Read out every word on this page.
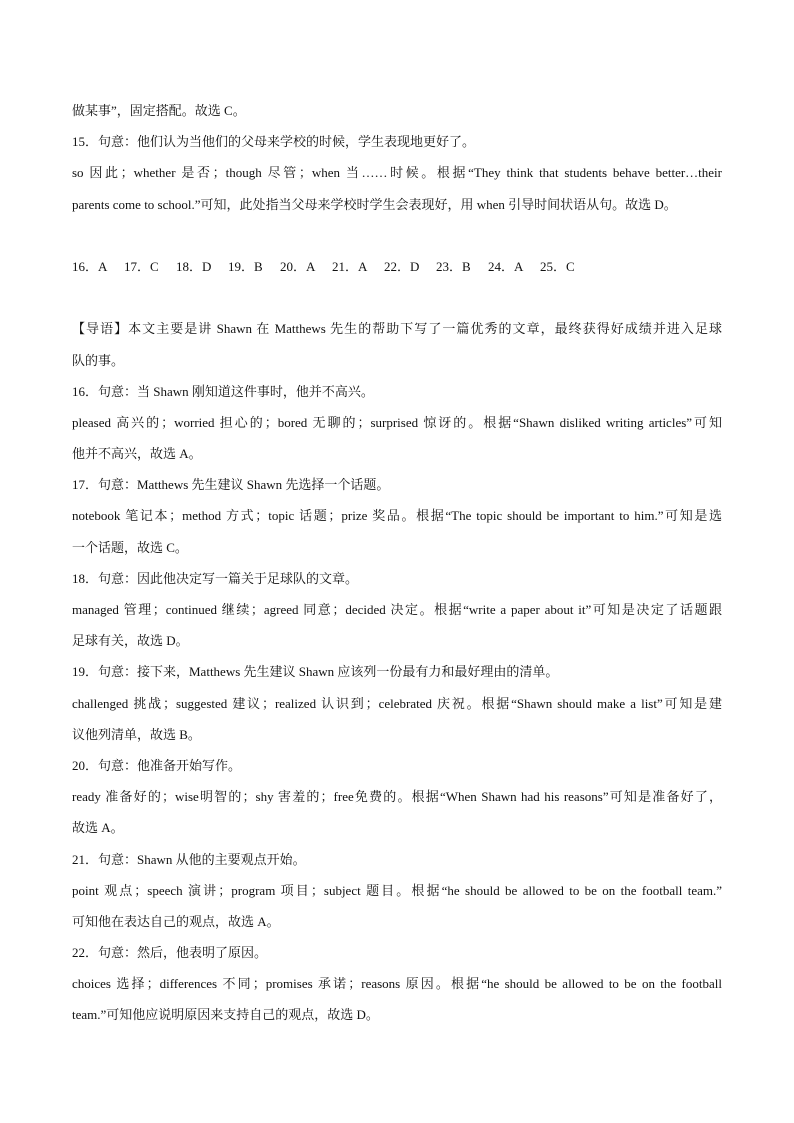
做某事”，固定搭配。故选 C。
15．句意：他们认为当他们的父母来学校的时候，学生表现地更好了。
so 因此；whether 是否；though 尽管；when 当……时候。根据“They think that students behave better…their
parents come to school.”可知，此处指当父母来学校时学生会表现好，用 when 引导时间状语从句。故选 D。
16．A 17．C 18．D 19．B 20．A 21．A 22．D 23．B 24．A 25．C
【导语】本文主要是讲 Shawn 在 Matthews 先生的帮助下写了一篇优秀的文章，最终获得好成绩并进入足球
队的事。
16．句意：当 Shawn 刚知道这件事时，他并不高兴。
pleased 高兴的；worried 担心的；bored 无聊的；surprised 惊讶的。根据“Shawn disliked writing articles”可知
他并不高兴，故选 A。
17．句意：Matthews 先生建议 Shawn 先选择一个话题。
notebook 笔记本；method 方式；topic 话题；prize 奖品。根据“The topic should be important to him.”可知是选
一个话题，故选 C。
18．句意：因此他决定写一篇关于足球队的文章。
managed 管理；continued 继续；agreed 同意；decided 决定。根据“write a paper about it”可知是决定了话题跟
足球有关，故选 D。
19．句意：接下来，Matthews 先生建议 Shawn 应该列一份最有力和最好理由的清单。
challenged 挑战；suggested 建议；realized 认识到；celebrated 庆祝。根据“Shawn should make a list”可知是建
议他列清单，故选 B。
20．句意：他准备开始写作。
ready 准备好的；wise明智的；shy 害羞的；free免费的。根据“When Shawn had his reasons”可知是准备好了，
故选 A。
21．句意：Shawn 从他的主要观点开始。
point 观点；speech 演讲；program 项目；subject 题目。根据“he should be allowed to be on the football team.”
可知他在表达自己的观点，故选 A。
22．句意：然后，他表明了原因。
choices 选择；differences 不同；promises 承诺；reasons 原因。根据“he should be allowed to be on the football
team.”可知他应说明原因来支持自己的观点，故选 D。
